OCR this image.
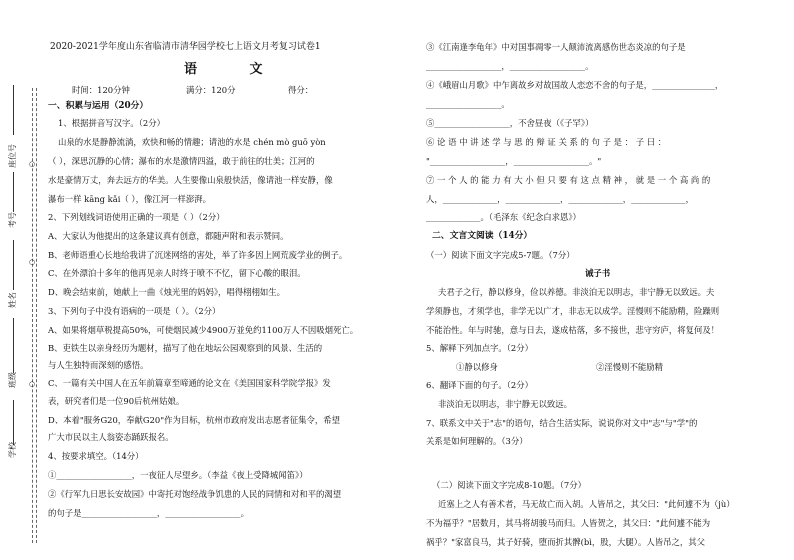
座位号
考号
姓名
班级
学校
○
○
○
2020-2021学年度山东省临清市清华园学校七上语文月考复习试卷1
语 文
时间：120分钟	满分：120分	得分：
一、积累与运用（20分）
1、根据拼音写汉字。（2分）
山泉的水是静静流淌，欢快和畅的情趣；请池的水是 chén mò guō yòn
（ ），深思沉静的心情；瀑布的水是激情四溢，敢于前往的壮美；江河的
水是豪情万丈，奔去远方的华美。人生要像山泉般快活，像请池一样安静，像
瀑布一样 kāng kǎi（ ），像江河一样澎湃。
2、下列划线词语使用正确的一项是（ ）（2分）
A、大家认为他提出的这条建议真有创意，都随声附和表示赞同。
B、老师语重心长地给我讲了沉迷网络的害处，举了许多因上网荒废学业的例子。
C、在外漂泊十多年的他再见亲人时终于喷不不忆，留下心酸的眼泪。
D、晚会结束前，她献上一曲《烛光里的妈妈》，唱得栩栩如生。
3、下列句子中没有语病的一项是（ ）。（2分）
A、如果将烟草税提高50%，可使烟民减少4900万並免约1100万人不因吸烟死亡。
B、吏铁生以亲身经历为题材，描写了他在地坛公园观察到的风景、生活的
与人生独特而深刻的感悟。
C、一篇有关中国人在五年前篇章至啼通的论文在《美国国家科学院学报》发
表，研究者们是一位90后杭州姑娘。
D、本着"服务G20，奉献G20"作为目标，杭州市政府发出志愿者征集令，希望
广大市民以主人翁姿态踊跃报名。
4、按要求填空。（14分）
①__________________，一夜征人尽望乡。（李益《夜上受降城闻笛》）
②《行军九日思长安故园》中寄托对饱经战争饥患的人民的同情和对和平的渴望
的句子是__________________，__________________。
③《江南逢李龟年》中对国事凋零一人颠沛流离感伤世态炎凉的句子是
__________________，__________________。
④《峨眉山月歌》中乍离故乡对故国故人恋恋不舍的句子是，_______________，
__________________。
⑤__________________，不舍昼夜（《子罕》）
⑥ 论 语 中 讲 述 学 与 思 的 辩 证 关 系 的 句 子 是 ： 子 曰 ：
"__________________，__________________。"
⑦ 一 个 人 的 能 力 有 大 小 但 只 要 有 这 点 精 神 ， 就 是 一 个 高 尚 的
人，_____________，_____________，_____________，_____________，
_____________。（毛泽东《纪念白求恩》）
二、文言文阅读（14分）
（一）阅读下面文字完成5-7题。（7分）
诫子书
夫君子之行，静以修身，俭以养德。非淡泊无以明志，非宁静无以致远。夫
学须静也，才须学也，非学无以广才，非志无以成学。淫慢则不能励精，险躁则
不能治性。年与时驰，意与日去，遂成枯落，多不接世，悲守穷庐，将复何及！
5、解释下列加点字。（2分）
①静以修身	②淫慢则不能励精
6、翻译下面的句子。（2分）
非淡泊无以明志，非宁静无以致远。
7、联系文中关于"志"的语句，结合生活实际，说说你对文中"志"与"学"的
关系是如何理解的。（3分）
（二）阅读下面文字完成8-10题。（7分）
近塞上之人有善术者，马无故亡而入胡。人皆吊之，其父曰："此何遽不为（jù）
不为福乎？"居数月，其马将胡骏马而归。人皆贺之，其父曰："此何遽不能为
祸乎？"家富良马，其子好骑，堕而折其髀(bì，股，大腿）。人皆吊之，其父
